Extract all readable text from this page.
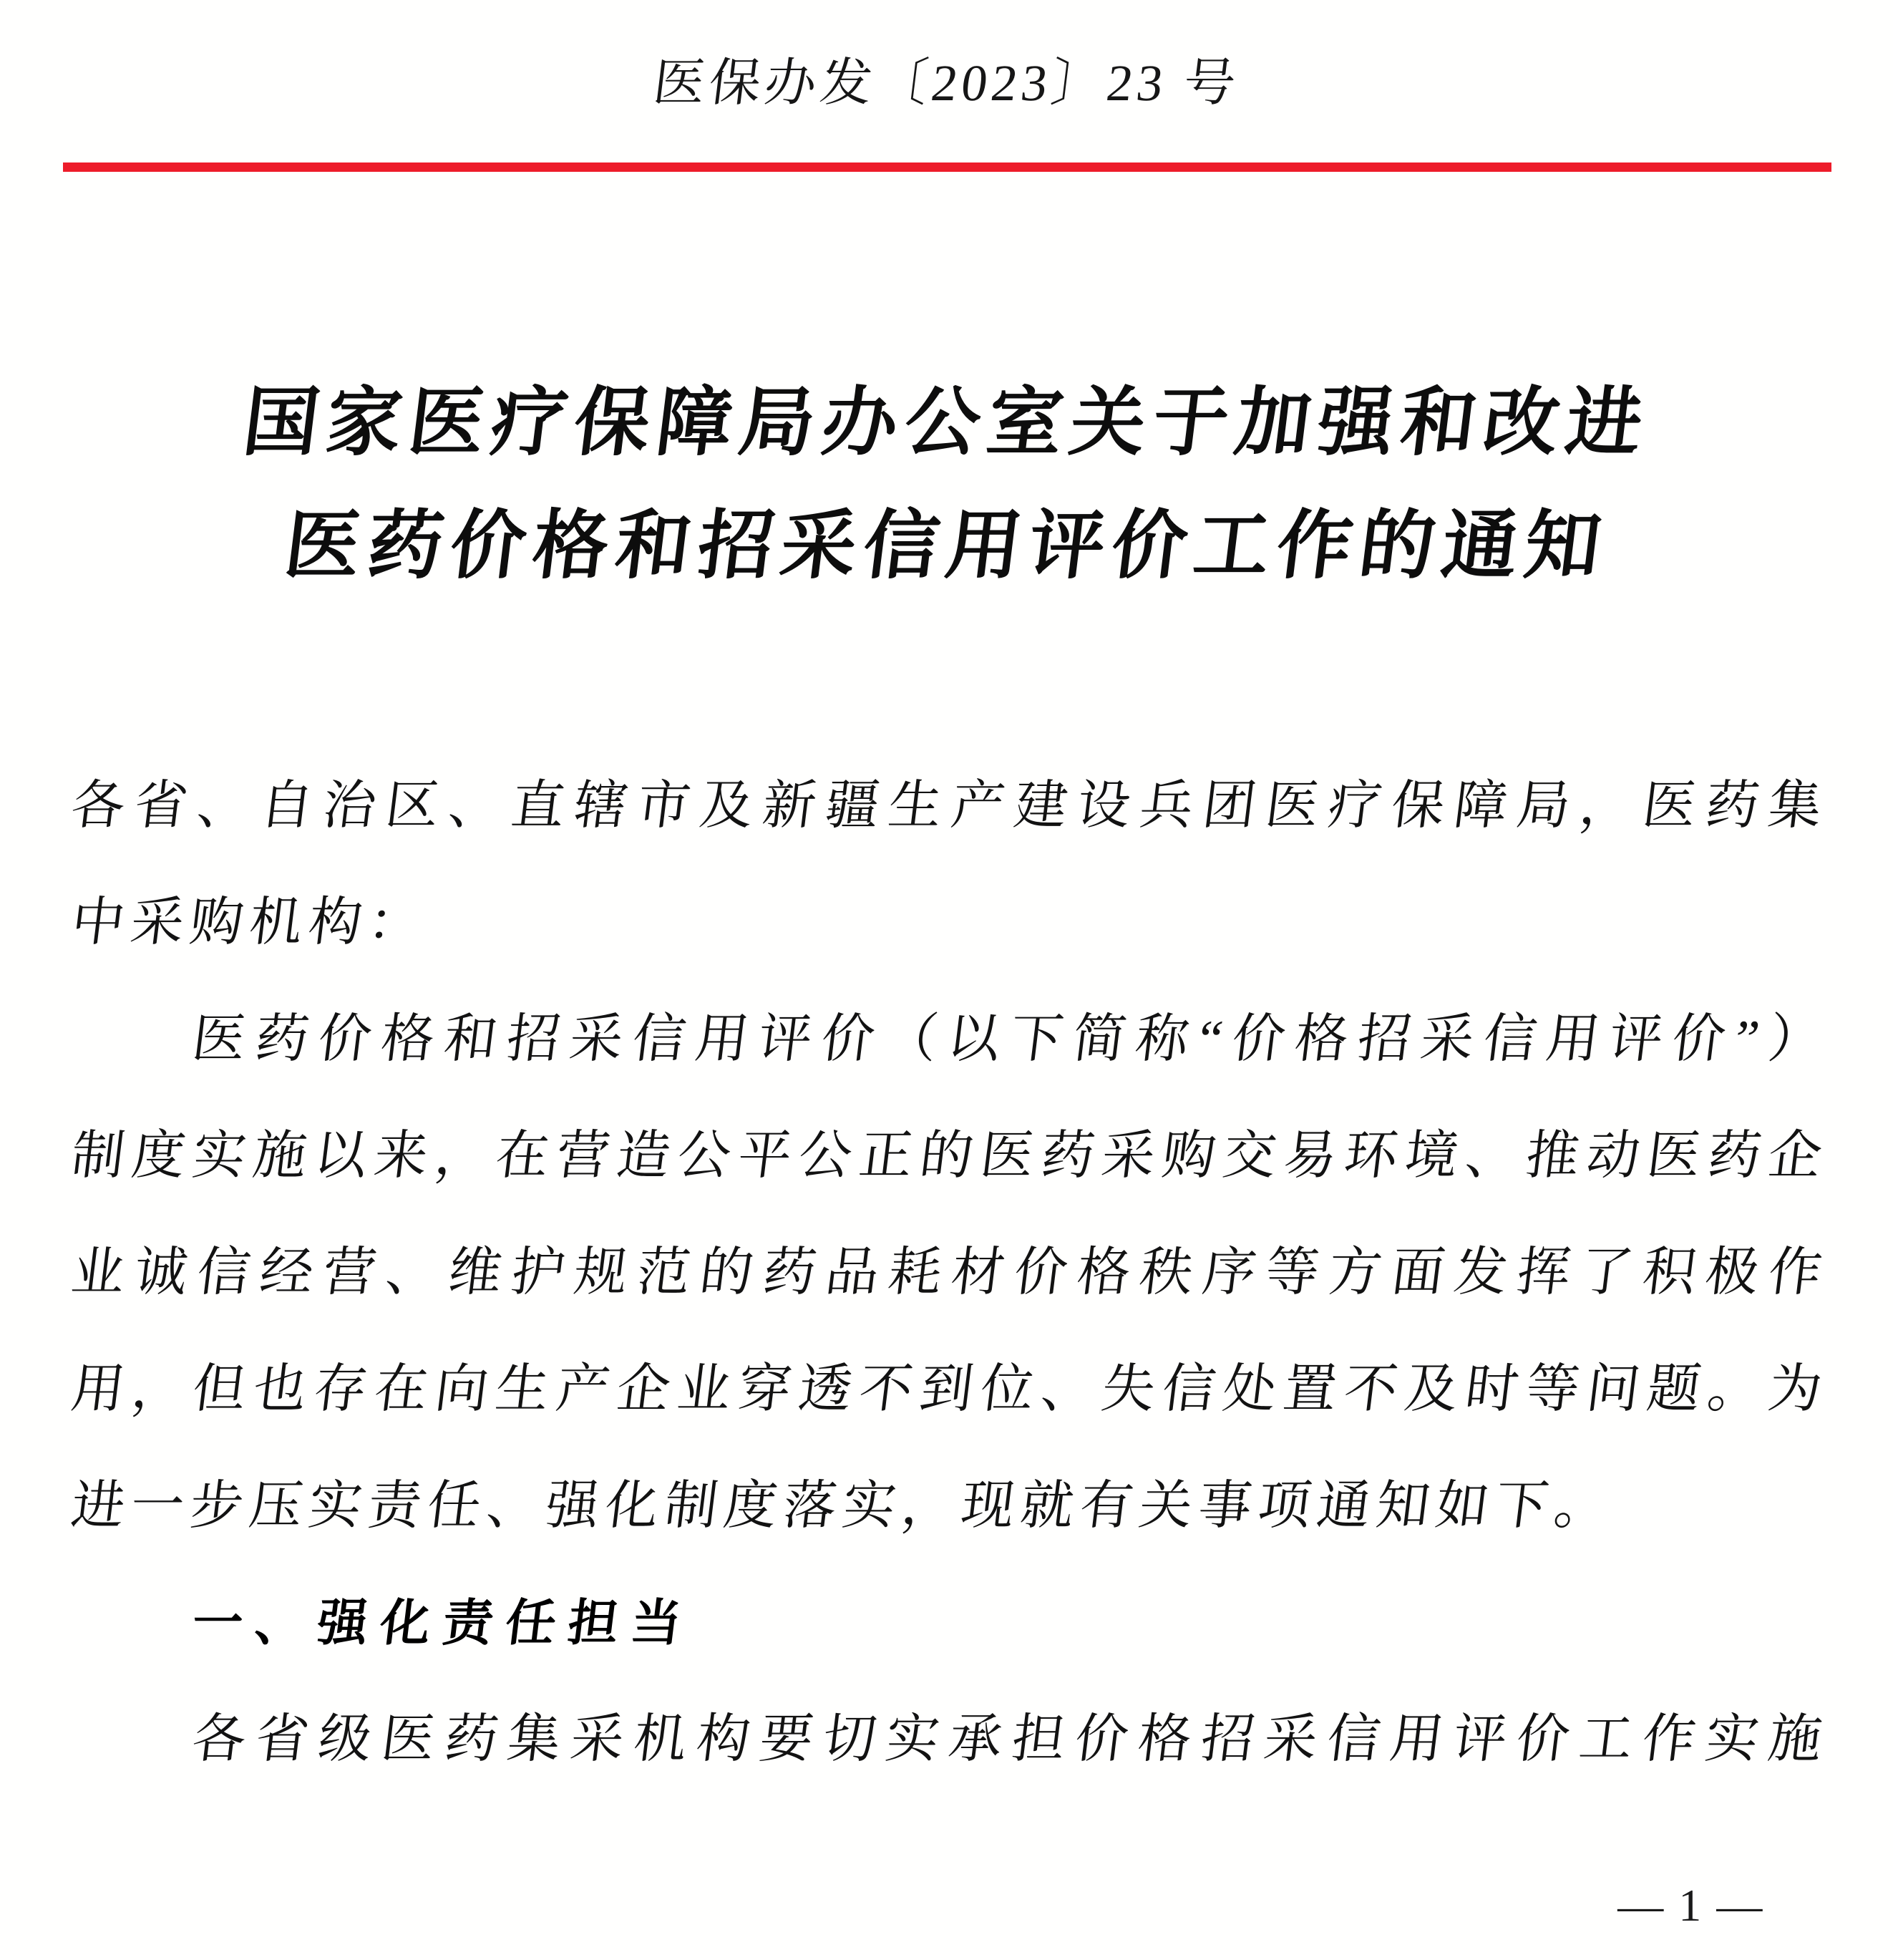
医保办发〔2023〕23 号
国家医疗保障局办公室关于加强和改进
医药价格和招采信用评价工作的通知
各省、自治区、直辖市及新疆生产建设兵团医疗保障局，医药集
中采购机构：
医药价格和招采信用评价（以下简称“价格招采信用评价”）
制度实施以来，在营造公平公正的医药采购交易环境、推动医药企
业诚信经营、维护规范的药品耗材价格秩序等方面发挥了积极作
用，但也存在向生产企业穿透不到位、失信处置不及时等问题。为
进一步压实责任、强化制度落实，现就有关事项通知如下。
一、强化责任担当
各省级医药集采机构要切实承担价格招采信用评价工作实施
— 1 —
